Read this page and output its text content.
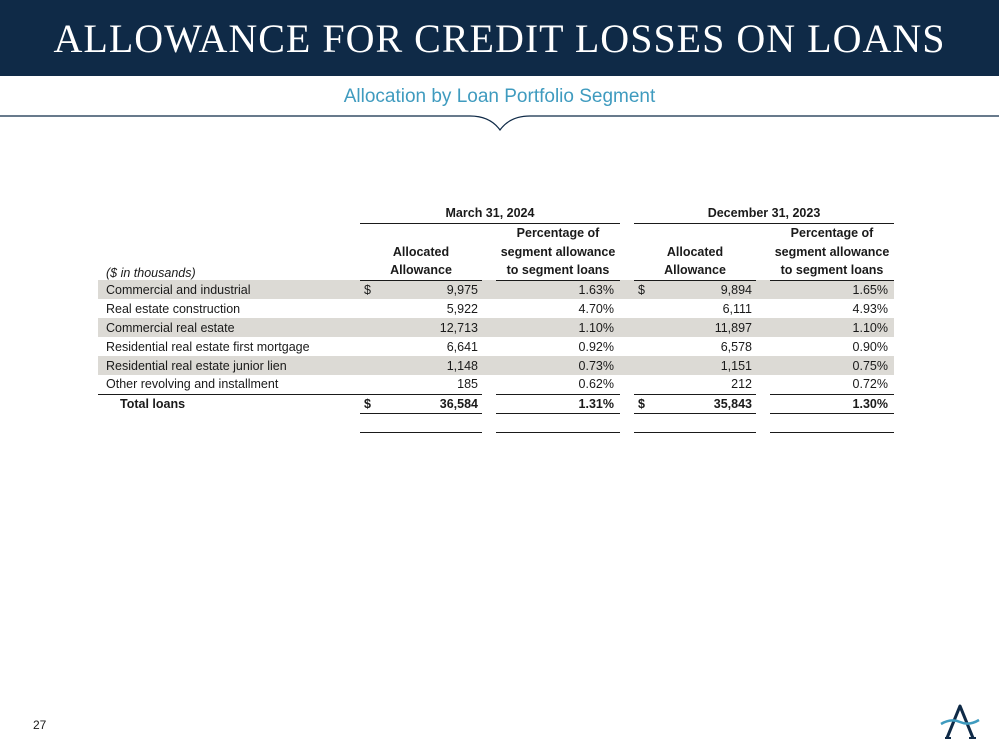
ALLOWANCE FOR CREDIT LOSSES ON LOANS
Allocation by Loan Portfolio Segment
	March 31, 2024					December 31, 2023			
				Percentage of					Percentage of
	Allocated			segment allowance		Allocated			segment allowance
($ in thousands)	Allowance			to segment loans		Allowance			to segment loans
Commercial and industrial	$	9,975		1.63%		$	9,894		1.65%
Real estate construction		5,922		4.70%			6,111		4.93%
Commercial real estate		12,713		1.10%			11,897		1.10%
Residential real estate first mortgage		6,641		0.92%			6,578		0.90%
Residential real estate junior lien		1,148		0.73%			1,151		0.75%
Other revolving and installment		185		0.62%			212		0.72%
Total loans	$	36,584		1.31%		$	35,843		1.30%

27
